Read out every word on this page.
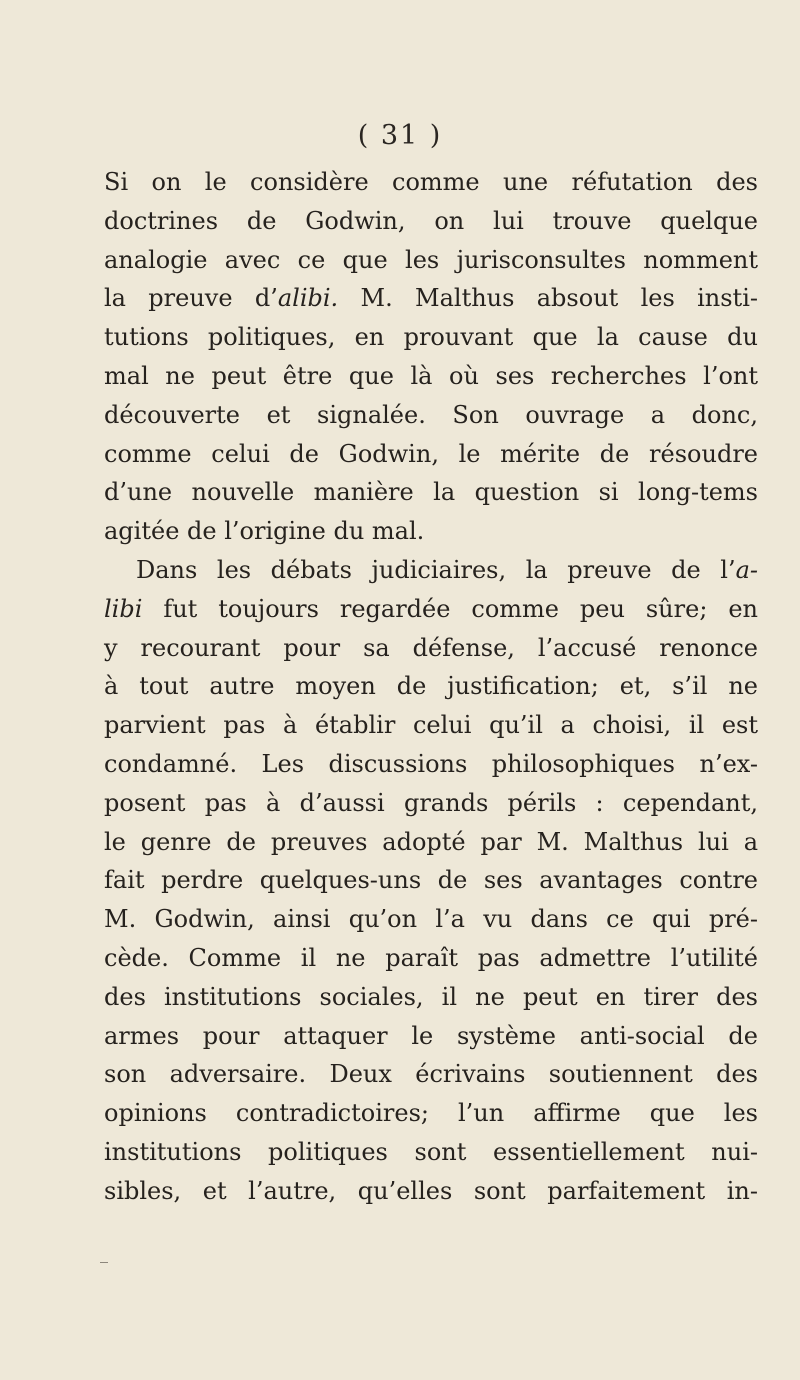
( 31 )
Si on le considère comme une réfutation des
doctrines de Godwin, on lui trouve quelque
analogie avec ce que les jurisconsultes nomment
la preuve d’alibi. M. Malthus absout les insti-
tutions politiques, en prouvant que la cause du
mal ne peut être que là où ses recherches l’ont
découverte et signalée. Son ouvrage a donc,
comme celui de Godwin, le mérite de résoudre
d’une nouvelle manière la question si long-tems
agitée de l’origine du mal.
Dans les débats judiciaires, la preuve de l’a-
libi fut toujours regardée comme peu sûre; en
y recourant pour sa défense, l’accusé renonce
à tout autre moyen de justification; et, s’il ne
parvient pas à établir celui qu’il a choisi, il est
condamné. Les discussions philosophiques n’ex-
posent pas à d’aussi grands périls : cependant,
le genre de preuves adopté par M. Malthus lui a
fait perdre quelques-uns de ses avantages contre
M. Godwin, ainsi qu’on l’a vu dans ce qui pré-
cède. Comme il ne paraît pas admettre l’utilité
des institutions sociales, il ne peut en tirer des
armes pour attaquer le système anti-social de
son adversaire. Deux écrivains soutiennent des
opinions contradictoires; l’un affirme que les
institutions politiques sont essentiellement nui-
sibles, et l’autre, qu’elles sont parfaitement in-
